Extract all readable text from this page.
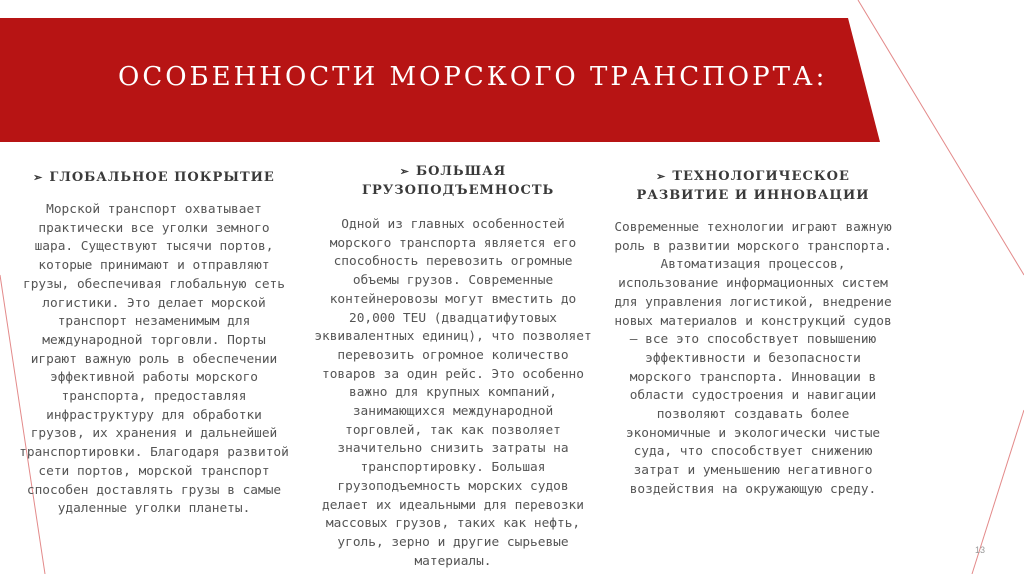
ОСОБЕННОСТИ МОРСКОГО ТРАНСПОРТА:
➢ ГЛОБАЛЬНОЕ ПОКРЫТИЕ
Морской транспорт охватывает практически все уголки земного шара. Существуют тысячи портов, которые принимают и отправляют грузы, обеспечивая глобальную сеть логистики. Это делает морской транспорт незаменимым для международной торговли. Порты играют важную роль в обеспечении эффективной работы морского транспорта, предоставляя инфраструктуру для обработки грузов, их хранения и дальнейшей транспортировки. Благодаря развитой сети портов, морской транспорт способен доставлять грузы в самые удаленные уголки планеты.
➢ БОЛЬШАЯ ГРУЗОПОДЪЕМНОСТЬ
Одной из главных особенностей морского транспорта является его способность перевозить огромные объемы грузов. Современные контейнеровозы могут вместить до 20,000 TEU (двадцатифутовых эквивалентных единиц), что позволяет перевозить огромное количество товаров за один рейс. Это особенно важно для крупных компаний, занимающихся международной торговлей, так как позволяет значительно снизить затраты на транспортировку. Большая грузоподъемность морских судов делает их идеальными для перевозки массовых грузов, таких как нефть, уголь, зерно и другие сырьевые материалы.
➢ ТЕХНОЛОГИЧЕСКОЕ РАЗВИТИЕ И ИННОВАЦИИ
Современные технологии играют важную роль в развитии морского транспорта. Автоматизация процессов, использование информационных систем для управления логистикой, внедрение новых материалов и конструкций судов — все это способствует повышению эффективности и безопасности морского транспорта. Инновации в области судостроения и навигации позволяют создавать более экономичные и экологически чистые суда, что способствует снижению затрат и уменьшению негативного воздействия на окружающую среду.
13
